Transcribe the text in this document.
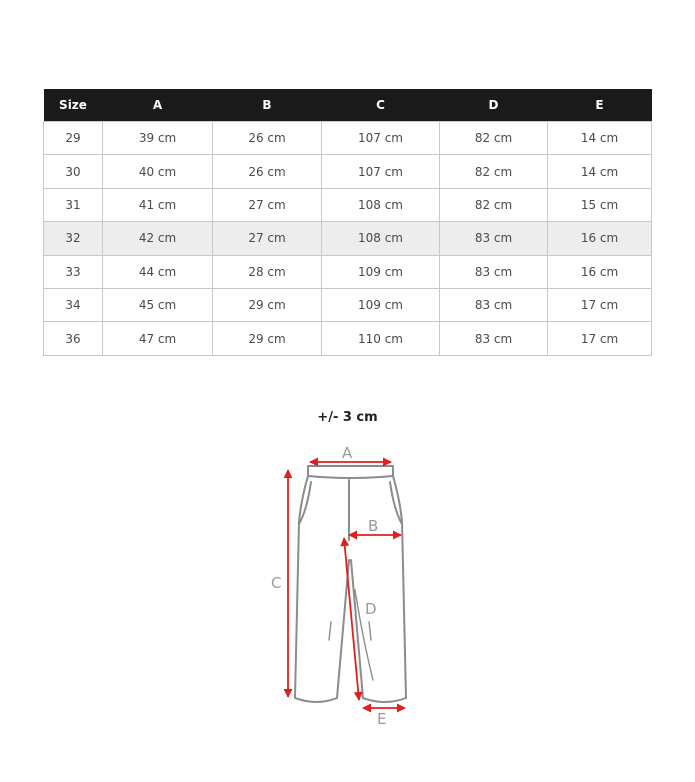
Size	A	B	C	D	E
29	39 cm	26 cm	107 cm	82 cm	14 cm
30	40 cm	26 cm	107 cm	82 cm	14 cm
31	41 cm	27 cm	108 cm	82 cm	15 cm
32	42 cm	27 cm	108 cm	83 cm	16 cm
33	44 cm	28 cm	109 cm	83 cm	16 cm
34	45 cm	29 cm	109 cm	83 cm	17 cm
36	47 cm	29 cm	110 cm	83 cm	17 cm
+/- 3 cm
A
B
C
D
E
